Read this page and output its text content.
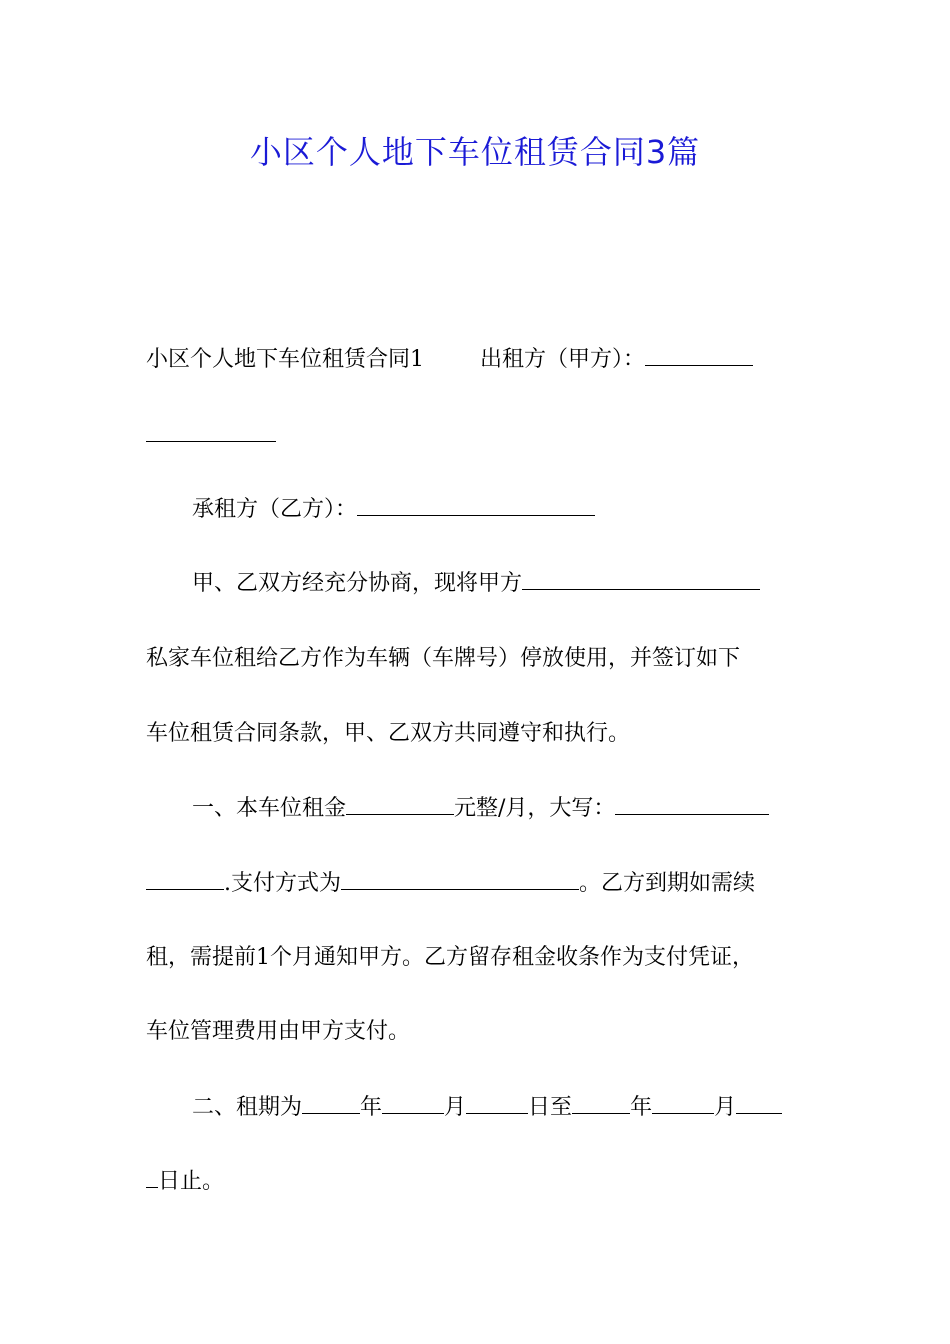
小区个人地下车位租赁合同3篇
小区个人地下车位租赁合同1	出租方（甲方）：
承租方（乙方）：
甲、乙双方经充分协商，现将甲方
私家车位租给乙方作为车辆（车牌号）停放使用，并签订如下
车位租赁合同条款，甲、乙双方共同遵守和执行。
一、本车位租金	元整/月，大写：
.支付方式为	。乙方到期如需续
租，需提前1个月通知甲方。乙方留存租金收条作为支付凭证，
车位管理费用由甲方支付。
二、租期为	年	月	日至	年	月
日止。
